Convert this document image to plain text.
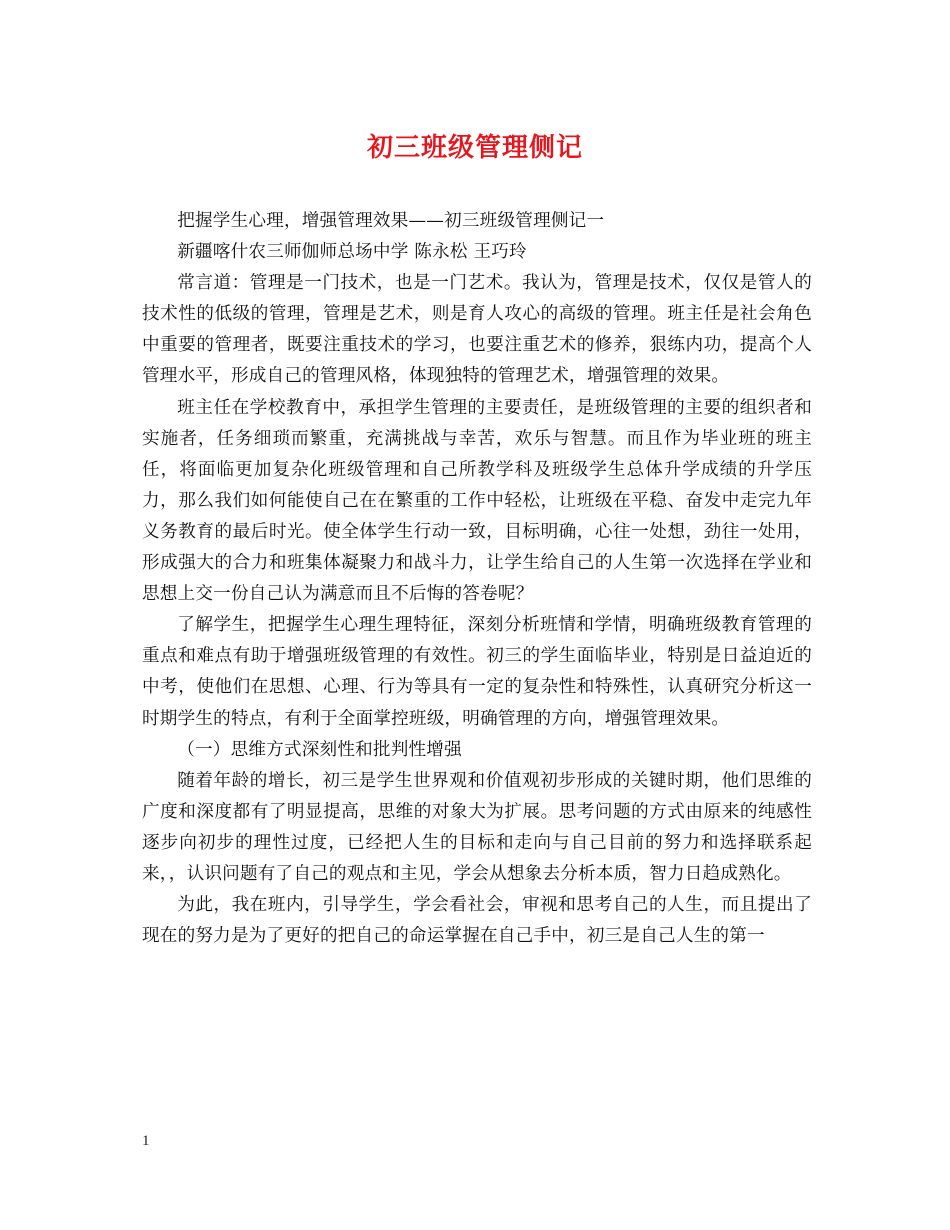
初三班级管理侧记

把握学生心理，增强管理效果——初三班级管理侧记一

新疆喀什农三师伽师总场中学 陈永松 王巧玲

常言道：管理是一门技术，也是一门艺术。我认为，管理是技术，仅仅是管人的技术性的低级的管理，管理是艺术，则是育人攻心的高级的管理。班主任是社会角色中重要的管理者，既要注重技术的学习，也要注重艺术的修养，狠练内功，提高个人管理水平，形成自己的管理风格，体现独特的管理艺术，增强管理的效果。

班主任在学校教育中，承担学生管理的主要责任，是班级管理的主要的组织者和实施者，任务细琐而繁重，充满挑战与幸苦，欢乐与智慧。而且作为毕业班的班主任，将面临更加复杂化班级管理和自己所教学科及班级学生总体升学成绩的升学压力，那么我们如何能使自己在在繁重的工作中轻松，让班级在平稳、奋发中走完九年义务教育的最后时光。使全体学生行动一致，目标明确，心往一处想，劲往一处用，形成强大的合力和班集体凝聚力和战斗力，让学生给自己的人生第一次选择在学业和思想上交一份自己认为满意而且不后悔的答卷呢？

了解学生，把握学生心理生理特征，深刻分析班情和学情，明确班级教育管理的重点和难点有助于增强班级管理的有效性。初三的学生面临毕业，特别是日益迫近的中考，使他们在思想、心理、行为等具有一定的复杂性和特殊性，认真研究分析这一时期学生的特点，有利于全面掌控班级，明确管理的方向，增强管理效果。

（一）思维方式深刻性和批判性增强

随着年龄的增长，初三是学生世界观和价值观初步形成的关键时期，他们思维的广度和深度都有了明显提高，思维的对象大为扩展。思考问题的方式由原来的纯感性逐步向初步的理性过度，已经把人生的目标和走向与自己目前的努力和选择联系起来，，认识问题有了自己的观点和主见，学会从想象去分析本质，智力日趋成熟化。

为此，我在班内，引导学生，学会看社会，审视和思考自己的人生，而且提出了现在的努力是为了更好的把自己的命运掌握在自己手中，初三是自己人生的第一

1
